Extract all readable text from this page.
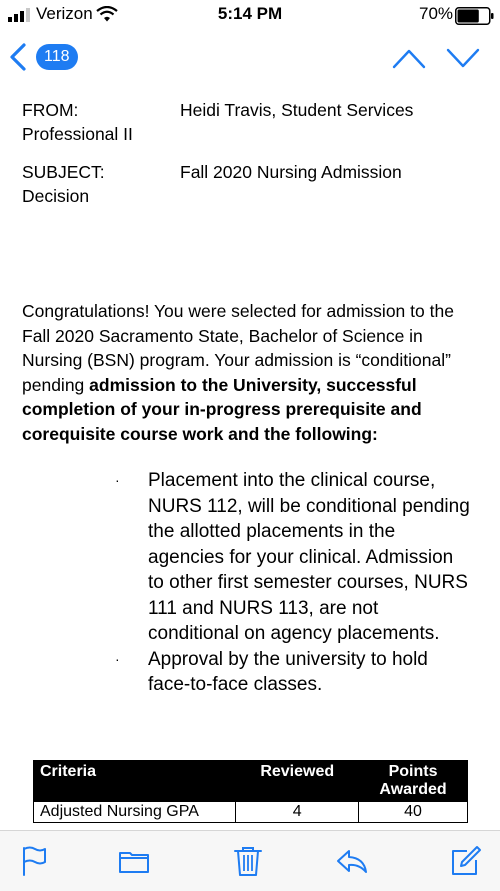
Verizon	5:14 PM	70%
118
FROM:	Heidi Travis, Student Services
Professional II
SUBJECT:	Fall 2020 Nursing Admission
Decision
Congratulations! You were selected for admission to the Fall 2020 Sacramento State, Bachelor of Science in Nursing (BSN) program. Your admission is “conditional” pending admission to the University, successful completion of your in-progress prerequisite and corequisite course work and the following:
· Placement into the clinical course, NURS 112, will be conditional pending the allotted placements in the agencies for your clinical. Admission to other first semester courses, NURS 111 and NURS 113, are not conditional on agency placements.
· Approval by the university to hold face-to-face classes.
Criteria	Reviewed	Points Awarded
Adjusted Nursing GPA	4	40
